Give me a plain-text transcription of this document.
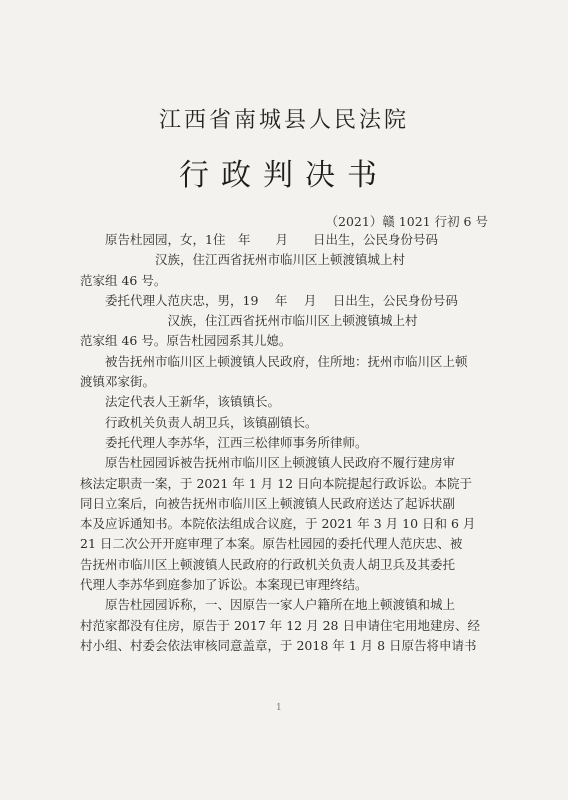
江西省南城县人民法院
行政判决书
（2021）赣 1021 行初 6 号

原告杜园园，女，1住　年　　月　　日出生，公民身份号码
　　　　　　汉族，住江西省抚州市临川区上顿渡镇城上村
范家组 46 号。

委托代理人范庆忠，男，19 　年 　月 　日出生，公民身份号码
　　　　　　　汉族，住江西省抚州市临川区上顿渡镇城上村
范家组 46 号。原告杜园园系其儿媳。

被告抚州市临川区上顿渡镇人民政府，住所地：抚州市临川区上顿
渡镇邓家街。

法定代表人王新华，该镇镇长。

行政机关负责人胡卫兵，该镇副镇长。

委托代理人李苏华，江西三松律师事务所律师。

原告杜园园诉被告抚州市临川区上顿渡镇人民政府不履行建房审
核法定职责一案，于 2021 年 1 月 12 日向本院提起行政诉讼。本院于
同日立案后，向被告抚州市临川区上顿渡镇人民政府送达了起诉状副
本及应诉通知书。本院依法组成合议庭，于 2021 年 3 月 10 日和 6 月
21 日二次公开开庭审理了本案。原告杜园园的委托代理人范庆忠、被
告抚州市临川区上顿渡镇人民政府的行政机关负责人胡卫兵及其委托
代理人李苏华到庭参加了诉讼。本案现已审理终结。

原告杜园园诉称，一、因原告一家人户籍所在地上顿渡镇和城上
村范家都没有住房，原告于 2017 年 12 月 28 日申请住宅用地建房、经
村小组、村委会依法审核同意盖章，于 2018 年 1 月 8 日原告将申请书

1
